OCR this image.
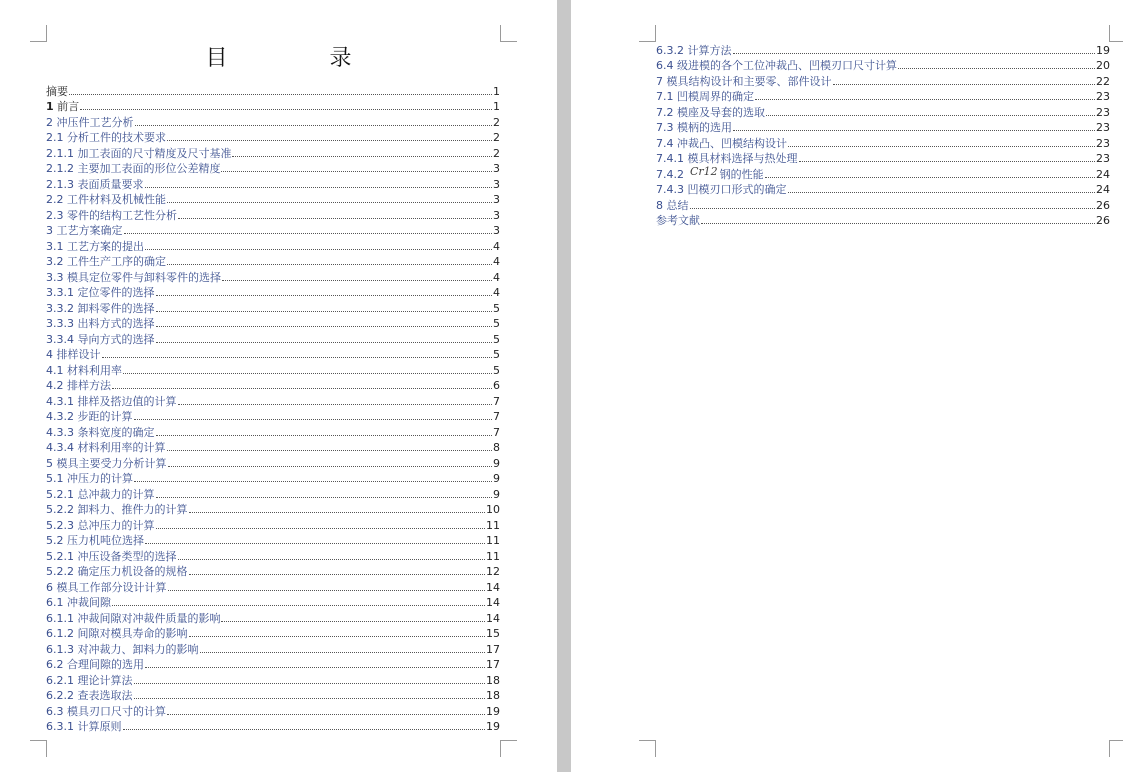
目　录
摘要	1
1 前言	1
2 冲压件工艺分析	2
2.1 分析工件的技术要求	2
2.1.1 加工表面的尺寸精度及尺寸基准	2
2.1.2 主要加工表面的形位公差精度	3
2.1.3 表面质量要求	3
2.2 工件材料及机械性能	3
2.3 零件的结构工艺性分析	3
3 工艺方案确定	3
3.1 工艺方案的提出	4
3.2 工件生产工序的确定	4
3.3 模具定位零件与卸料零件的选择	4
3.3.1 定位零件的选择	4
3.3.2 卸料零件的选择	5
3.3.3 出料方式的选择	5
3.3.4 导向方式的选择	5
4 排样设计	5
4.1 材料利用率	5
4.2 排样方法	6
4.3.1 排样及搭边值的计算	7
4.3.2 步距的计算	7
4.3.3 条料宽度的确定	7
4.3.4 材料利用率的计算	8
5 模具主要受力分析计算	9
5.1 冲压力的计算	9
5.2.1 总冲裁力的计算	9
5.2.2 卸料力、推件力的计算	10
5.2.3 总冲压力的计算	11
5.2 压力机吨位选择	11
5.2.1 冲压设备类型的选择	11
5.2.2 确定压力机设备的规格	12
6 模具工作部分设计计算	14
6.1 冲裁间隙	14
6.1.1 冲裁间隙对冲裁件质量的影响	14
6.1.2 间隙对模具寿命的影响	15
6.1.3 对冲裁力、卸料力的影响	17
6.2 合理间隙的选用	17
6.2.1 理论计算法	18
6.2.2 查表选取法	18
6.3 模具刃口尺寸的计算	19
6.3.1 计算原则	19
6.3.2 计算方法	19
6.4 级进模的各个工位冲裁凸、凹模刃口尺寸计算	20
7 模具结构设计和主要零、部件设计	22
7.1 凹模周界的确定	23
7.2 模座及导套的选取	23
7.3 模柄的选用	23
7.4 冲裁凸、凹模结构设计	23
7.4.1 模具材料选择与热处理	23
7.4.2 Cr12 钢的性能	24
7.4.3 凹模刃口形式的确定	24
8 总结	26
参考文献	26
